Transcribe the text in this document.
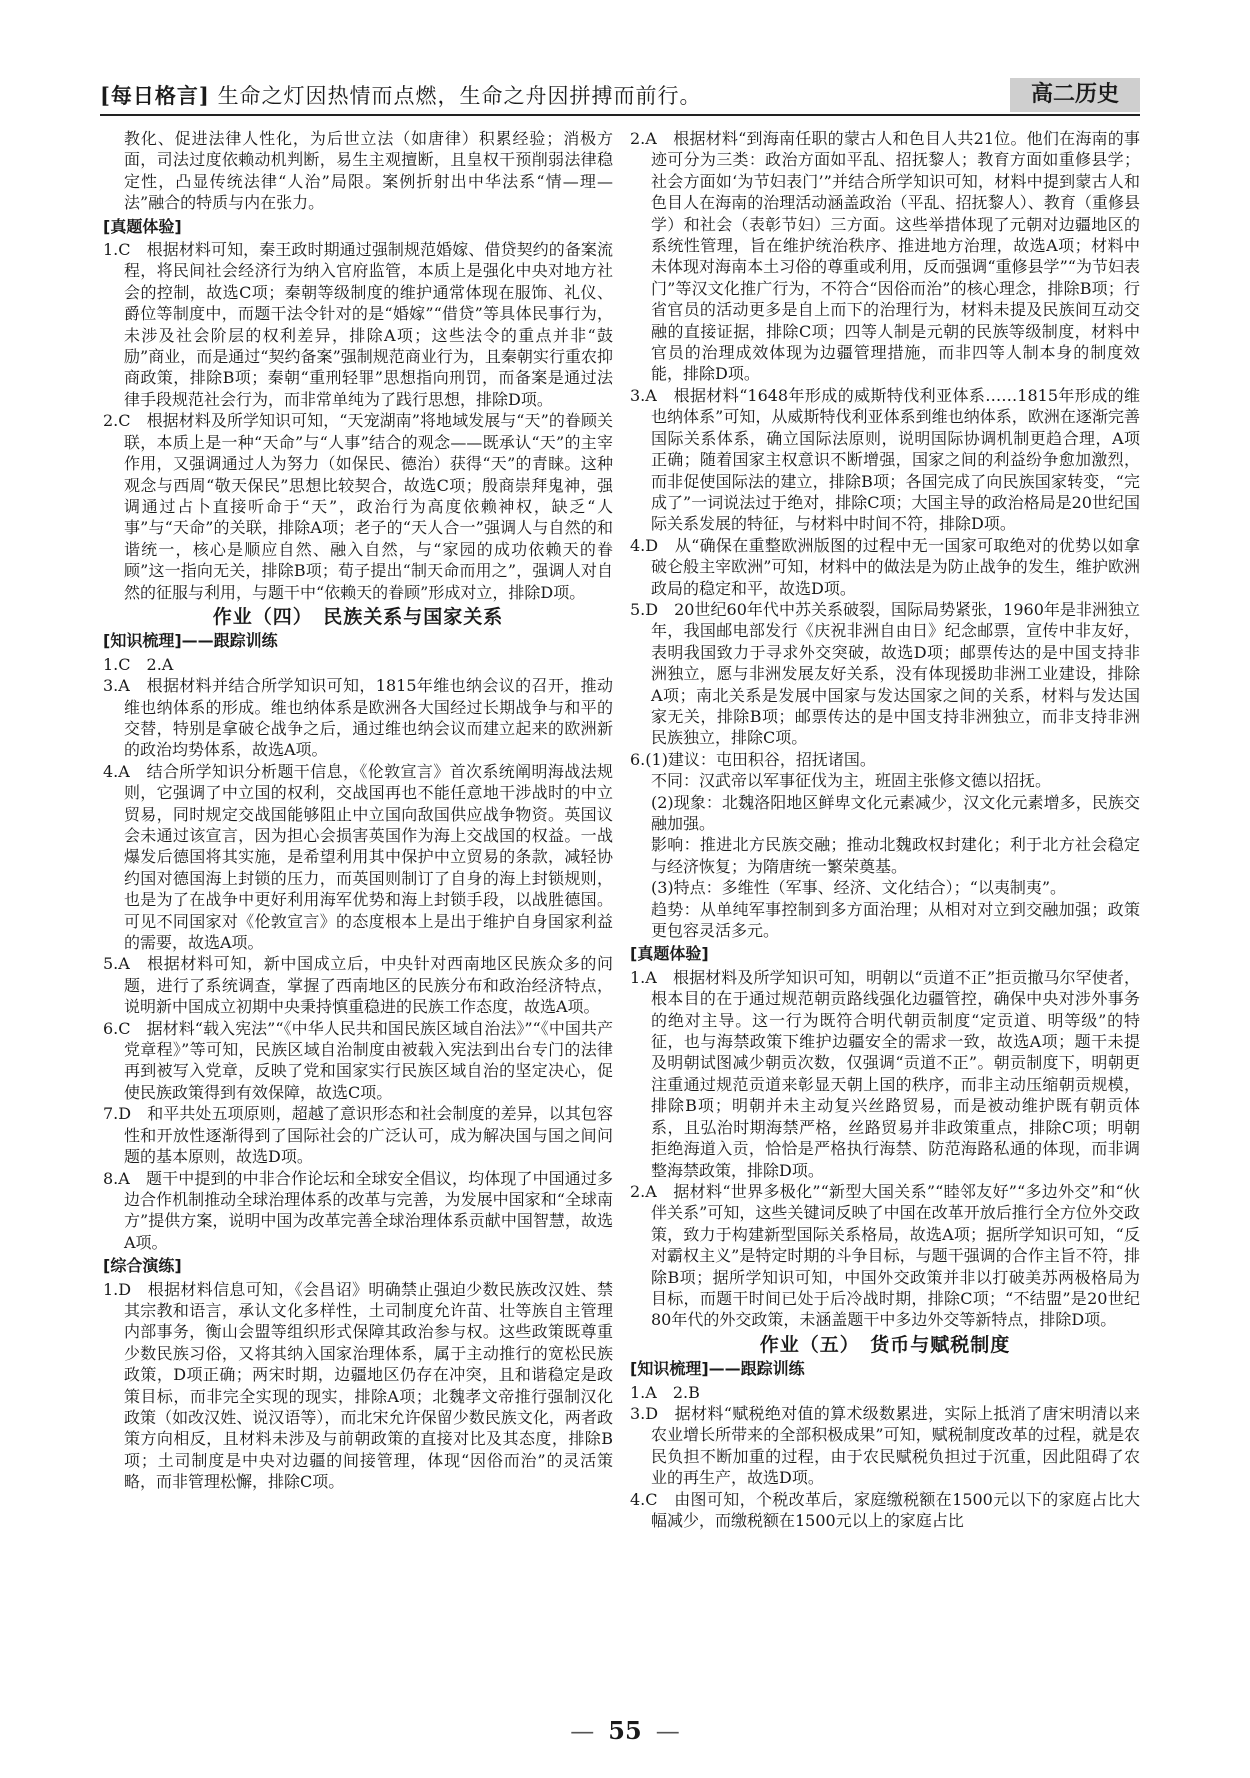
[每日格言] 生命之灯因热情而点燃，生命之舟因拼搏而前行。	高二历史

教化、促进法律人性化，为后世立法（如唐律）积累经验；消极方面，司法过度依赖动机判断，易生主观擅断，且皇权干预削弱法律稳定性，凸显传统法律“人治”局限。案例折射出中华法系“情—理—法”融合的特质与内在张力。

[真题体验]

1.C　根据材料可知，秦王政时期通过强制规范婚嫁、借贷契约的备案流程，将民间社会经济行为纳入官府监管，本质上是强化中央对地方社会的控制，故选C项；秦朝等级制度的维护通常体现在服饰、礼仪、爵位等制度中，而题干法令针对的是“婚嫁”“借贷”等具体民事行为，未涉及社会阶层的权利差异，排除A项；这些法令的重点并非“鼓励”商业，而是通过“契约备案”强制规范商业行为，且秦朝实行重农抑商政策，排除B项；秦朝“重刑轻罪”思想指向刑罚，而备案是通过法律手段规范社会行为，而非常单纯为了践行思想，排除D项。

2.C　根据材料及所学知识可知，“天宠湖南”将地域发展与“天”的眷顾关联，本质上是一种“天命”与“人事”结合的观念——既承认“天”的主宰作用，又强调通过人为努力（如保民、德治）获得“天”的青睐。这种观念与西周“敬天保民”思想比较契合，故选C项；殷商崇拜鬼神，强调通过占卜直接听命于“天”，政治行为高度依赖神权，缺乏“人事”与“天命”的关联，排除A项；老子的“天人合一”强调人与自然的和谐统一，核心是顺应自然、融入自然，与“家园的成功依赖天的眷顾”这一指向无关，排除B项；荀子提出“制天命而用之”，强调人对自然的征服与利用，与题干中“依赖天的眷顾”形成对立，排除D项。

作业（四）　民族关系与国家关系
[知识梳理]——跟踪训练

1.C　2.A

3.A　根据材料并结合所学知识可知，1815年维也纳会议的召开，推动维也纳体系的形成。维也纳体系是欧洲各大国经过长期战争与和平的交替，特别是拿破仑战争之后，通过维也纳会议而建立起来的欧洲新的政治均势体系，故选A项。

4.A　结合所学知识分析题干信息，《伦敦宣言》首次系统阐明海战法规则，它强调了中立国的权利，交战国再也不能任意地干涉战时的中立贸易，同时规定交战国能够阻止中立国向敌国供应战争物资。英国议会未通过该宣言，因为担心会损害英国作为海上交战国的权益。一战爆发后德国将其实施，是希望利用其中保护中立贸易的条款，减轻协约国对德国海上封锁的压力，而英国则制订了自身的海上封锁规则，也是为了在战争中更好利用海军优势和海上封锁手段，以战胜德国。可见不同国家对《伦敦宣言》的态度根本上是出于维护自身国家利益的需要，故选A项。

5.A　根据材料可知，新中国成立后，中央针对西南地区民族众多的问题，进行了系统调查，掌握了西南地区的民族分布和政治经济特点，说明新中国成立初期中央秉持慎重稳进的民族工作态度，故选A项。

6.C　据材料“载入宪法”“《中华人民共和国民族区域自治法》”“《中国共产党章程》”等可知，民族区域自治制度由被载入宪法到出台专门的法律再到被写入党章，反映了党和国家实行民族区域自治的坚定决心，促使民族政策得到有效保障，故选C项。

7.D　和平共处五项原则，超越了意识形态和社会制度的差异，以其包容性和开放性逐渐得到了国际社会的广泛认可，成为解决国与国之间问题的基本原则，故选D项。

8.A　题干中提到的中非合作论坛和全球安全倡议，均体现了中国通过多边合作机制推动全球治理体系的改革与完善，为发展中国家和“全球南方”提供方案，说明中国为改革完善全球治理体系贡献中国智慧，故选A项。

[综合演练]

1.D　根据材料信息可知，《会昌诏》明确禁止强迫少数民族改汉姓、禁其宗教和语言，承认文化多样性，土司制度允许苗、壮等族自主管理内部事务，衡山会盟等组织形式保障其政治参与权。这些政策既尊重少数民族习俗，又将其纳入国家治理体系，属于主动推行的宽松民族政策，D项正确；两宋时期，边疆地区仍存在冲突，且和谐稳定是政策目标，而非完全实现的现实，排除A项；北魏孝文帝推行强制汉化政策（如改汉姓、说汉语等），而北宋允许保留少数民族文化，两者政策方向相反，且材料未涉及与前朝政策的直接对比及其态度，排除B项；土司制度是中央对边疆的间接管理，体现“因俗而治”的灵活策略，而非管理松懈，排除C项。

2.A　根据材料“到海南任职的蒙古人和色目人共21位。他们在海南的事迹可分为三类：政治方面如平乱、招抚黎人；教育方面如重修县学；社会方面如‘为节妇表门’”并结合所学知识可知，材料中提到蒙古人和色目人在海南的治理活动涵盖政治（平乱、招抚黎人）、教育（重修县学）和社会（表彰节妇）三方面。这些举措体现了元朝对边疆地区的系统性管理，旨在维护统治秩序、推进地方治理，故选A项；材料中未体现对海南本土习俗的尊重或利用，反而强调“重修县学”“为节妇表门”等汉文化推广行为，不符合“因俗而治”的核心理念，排除B项；行省官员的活动更多是自上而下的治理行为，材料未提及民族间互动交融的直接证据，排除C项；四等人制是元朝的民族等级制度，材料中官员的治理成效体现为边疆管理措施，而非四等人制本身的制度效能，排除D项。

3.A　根据材料“1648年形成的威斯特伐利亚体系……1815年形成的维也纳体系”可知，从威斯特伐利亚体系到维也纳体系，欧洲在逐渐完善国际关系体系，确立国际法原则，说明国际协调机制更趋合理，A项正确；随着国家主权意识不断增强，国家之间的利益纷争愈加激烈，而非促使国际法的建立，排除B项；各国完成了向民族国家转变，“完成了”一词说法过于绝对，排除C项；大国主导的政治格局是20世纪国际关系发展的特征，与材料中时间不符，排除D项。

4.D　从“确保在重整欧洲版图的过程中无一国家可取绝对的优势以如拿破仑般主宰欧洲”可知，材料中的做法是为防止战争的发生，维护欧洲政局的稳定和平，故选D项。

5.D　20世纪60年代中苏关系破裂，国际局势紧张，1960年是非洲独立年，我国邮电部发行《庆祝非洲自由日》纪念邮票，宣传中非友好，表明我国致力于寻求外交突破，故选D项；邮票传达的是中国支持非洲独立，愿与非洲发展友好关系，没有体现援助非洲工业建设，排除A项；南北关系是发展中国家与发达国家之间的关系，材料与发达国家无关，排除B项；邮票传达的是中国支持非洲独立，而非支持非洲民族独立，排除C项。

6.(1)建议：屯田积谷，招抚诸国。

不同：汉武帝以军事征伐为主，班固主张修文德以招抚。

(2)现象：北魏洛阳地区鲜卑文化元素减少，汉文化元素增多，民族交融加强。

影响：推进北方民族交融；推动北魏政权封建化；利于北方社会稳定与经济恢复；为隋唐统一繁荣奠基。

(3)特点：多维性（军事、经济、文化结合）；“以夷制夷”。

趋势：从单纯军事控制到多方面治理；从相对对立到交融加强；政策更包容灵活多元。

[真题体验]

1.A　根据材料及所学知识可知，明朝以“贡道不正”拒贡撤马尔罕使者，根本目的在于通过规范朝贡路线强化边疆管控，确保中央对涉外事务的绝对主导。这一行为既符合明代朝贡制度“定贡道、明等级”的特征，也与海禁政策下维护边疆安全的需求一致，故选A项；题干未提及明朝试图减少朝贡次数，仅强调“贡道不正”。朝贡制度下，明朝更注重通过规范贡道来彰显天朝上国的秩序，而非主动压缩朝贡规模，排除B项；明朝并未主动复兴丝路贸易，而是被动维护既有朝贡体系，且弘治时期海禁严格，丝路贸易并非政策重点，排除C项；明朝拒绝海道入贡，恰恰是严格执行海禁、防范海路私通的体现，而非调整海禁政策，排除D项。

2.A　据材料“世界多极化”“新型大国关系”“睦邻友好”“多边外交”和“伙伴关系”可知，这些关键词反映了中国在改革开放后推行全方位外交政策，致力于构建新型国际关系格局，故选A项；据所学知识可知，“反对霸权主义”是特定时期的斗争目标，与题干强调的合作主旨不符，排除B项；据所学知识可知，中国外交政策并非以打破美苏两极格局为目标，而题干时间已处于后冷战时期，排除C项；“不结盟”是20世纪80年代的外交政策，未涵盖题干中多边外交等新特点，排除D项。

作业（五）　货币与赋税制度
[知识梳理]——跟踪训练

1.A　2.B

3.D　据材料“赋税绝对值的算术级数累进，实际上抵消了唐宋明清以来农业增长所带来的全部积极成果”可知，赋税制度改革的过程，就是农民负担不断加重的过程，由于农民赋税负担过于沉重，因此阻碍了农业的再生产，故选D项。

4.C　由图可知，个税改革后，家庭缴税额在1500元以下的家庭占比大幅减少，而缴税额在1500元以上的家庭占比

— 55 —
